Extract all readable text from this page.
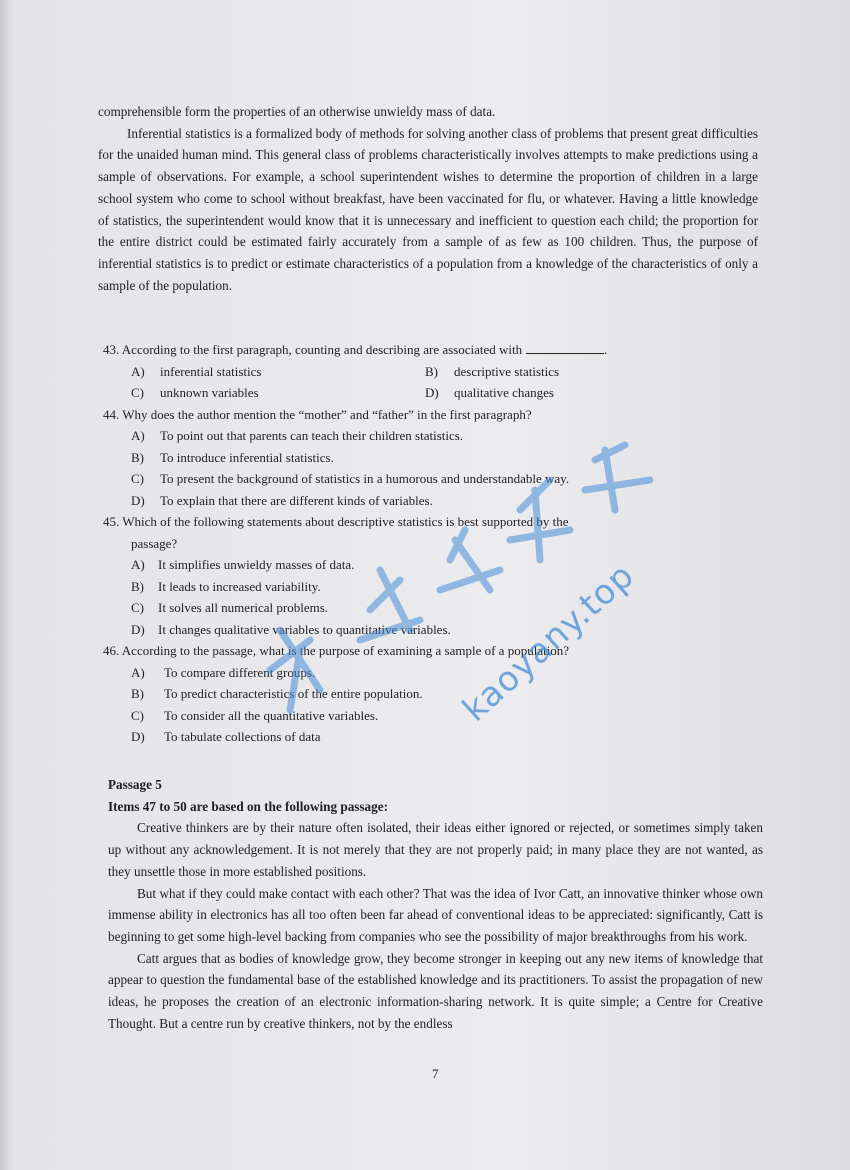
comprehensible form the properties of an otherwise unwieldy mass of data.

Inferential statistics is a formalized body of methods for solving another class of problems that present great difficulties for the unaided human mind. This general class of problems characteristically involves attempts to make predictions using a sample of observations. For example, a school superintendent wishes to determine the proportion of children in a large school system who come to school without breakfast, have been vaccinated for flu, or whatever. Having a little knowledge of statistics, the superintendent would know that it is unnecessary and inefficient to question each child; the proportion for the entire district could be estimated fairly accurately from a sample of as few as 100 children. Thus, the purpose of inferential statistics is to predict or estimate characteristics of a population from a knowledge of the characteristics of only a sample of the population.

43. According to the first paragraph, counting and describing are associated with	.

A) inferential statistics	B) descriptive statistics
C) unknown variables	D) qualitative changes

44. Why does the author mention the “mother” and “father” in the first paragraph?

A) To point out that parents can teach their children statistics.
B) To introduce inferential statistics.
C) To present the background of statistics in a humorous and understandable way.
D) To explain that there are different kinds of variables.

45. Which of the following statements about descriptive statistics is best supported by the

passage?

A) It simplifies unwieldy masses of data.
B) It leads to increased variability.
C) It solves all numerical problems.
D) It changes qualitative variables to quantitative variables.

46. According to the passage, what is the purpose of examining a sample of a population?

A) To compare different groups.
B) To predict characteristics of the entire population.
C) To consider all the quantitative variables.
D) To tabulate collections of data

Passage 5

Items 47 to 50 are based on the following passage:

Creative thinkers are by their nature often isolated, their ideas either ignored or rejected, or sometimes simply taken up without any acknowledgement. It is not merely that they are not properly paid; in many place they are not wanted, as they unsettle those in more established positions.

But what if they could make contact with each other? That was the idea of Ivor Catt, an innovative thinker whose own immense ability in electronics has all too often been far ahead of conventional ideas to be appreciated: significantly, Catt is beginning to get some high-level backing from companies who see the possibility of major breakthroughs from his work.

Catt argues that as bodies of knowledge grow, they become stronger in keeping out any new items of knowledge that appear to question the fundamental base of the established knowledge and its practitioners. To assist the propagation of new ideas, he proposes the creation of an electronic information-sharing network. It is quite simple; a Centre for Creative Thought. But a centre run by creative thinkers, not by the endless

7
kaoyany.top
